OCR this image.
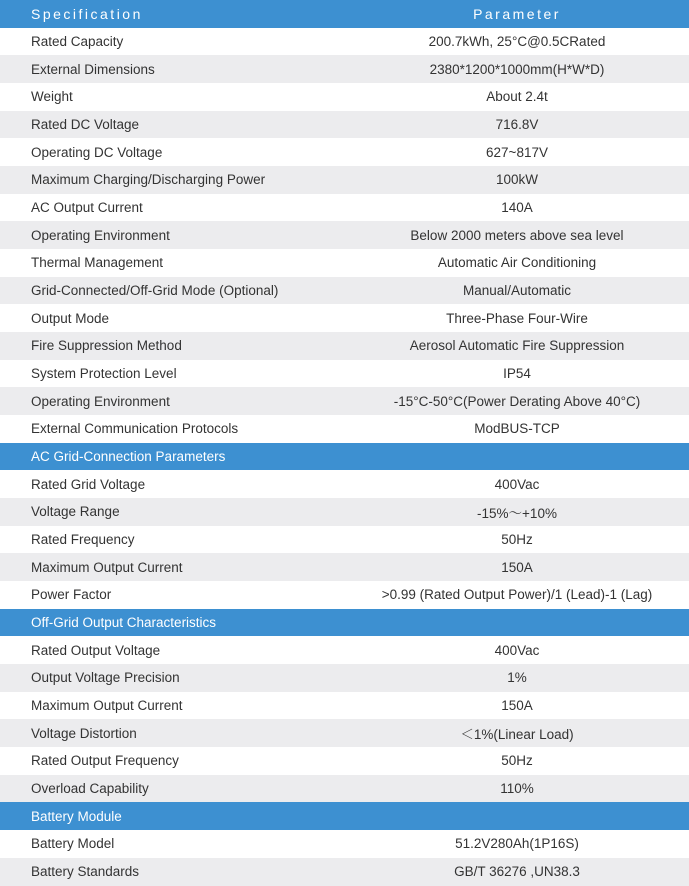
Specification	Parameter
Rated Capacity	200.7kWh, 25°C@0.5CRated
External Dimensions	2380*1200*1000mm(H*W*D)
Weight	About 2.4t
Rated DC Voltage	716.8V
Operating DC Voltage	627~817V
Maximum Charging/Discharging Power	100kW
AC Output Current	140A
Operating Environment	Below 2000 meters above sea level
Thermal Management	Automatic Air Conditioning
Grid-Connected/Off-Grid Mode (Optional)	Manual/Automatic
Output Mode	Three-Phase Four-Wire
Fire Suppression Method	Aerosol Automatic Fire Suppression
System Protection Level	IP54
Operating Environment	-15°C-50°C(Power Derating Above 40°C)
External Communication Protocols	ModBUS-TCP
AC Grid-Connection Parameters
Rated Grid Voltage	400Vac
Voltage Range	-15%～+10%
Rated Frequency	50Hz
Maximum Output Current	150A
Power Factor	>0.99 (Rated Output Power)/1 (Lead)-1 (Lag)
Off-Grid Output Characteristics
Rated Output Voltage	400Vac
Output Voltage Precision	1%
Maximum Output Current	150A
Voltage Distortion	＜1%(Linear Load)
Rated Output Frequency	50Hz
Overload Capability	110%
Battery Module
Battery Model	51.2V280Ah(1P16S)
Battery Standards	GB/T 36276 ,UN38.3
